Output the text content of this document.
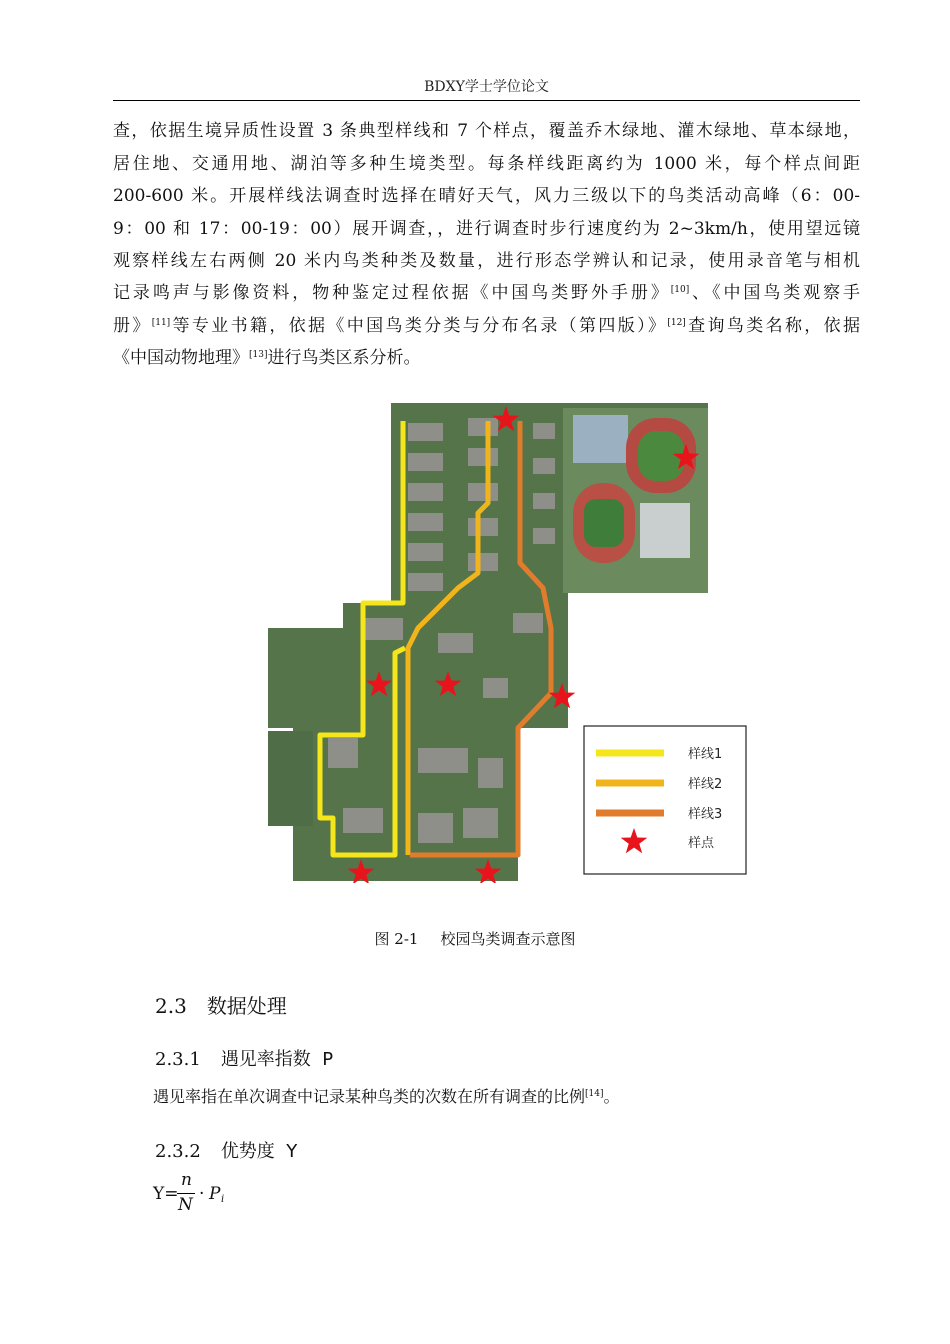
BDXY学士学位论文
查，依据生境异质性设置 3 条典型样线和 7 个样点，覆盖乔木绿地、灌木绿地、草本绿地，
居住地、交通用地、湖泊等多种生境类型。每条样线距离约为 1000 米，每个样点间距
200-600 米。开展样线法调查时选择在晴好天气，风力三级以下的鸟类活动高峰（6：00-
9：00 和 17：00-19：00）展开调查，，进行调查时步行速度约为 2~3km/h，使用望远镜
观察样线左右两侧 20 米内鸟类种类及数量，进行形态学辨认和记录，使用录音笔与相机
记录鸣声与影像资料，物种鉴定过程依据《中国鸟类野外手册》[10]、《中国鸟类观察手
册》[11]等专业书籍，依据《中国鸟类分类与分布名录（第四版）》[12]查询鸟类名称，依据
《中国动物地理》[13]进行鸟类区系分析。
样线1
样线2
样线3
样点
图 2-1 校园鸟类调查示意图
2.3 数据处理
2.3.1 遇见率指数  P
遇见率指在单次调查中记录某种鸟类的次数在所有调查的比例[14]。
2.3.2 优势度  Y
Y=
n
N
· P i
